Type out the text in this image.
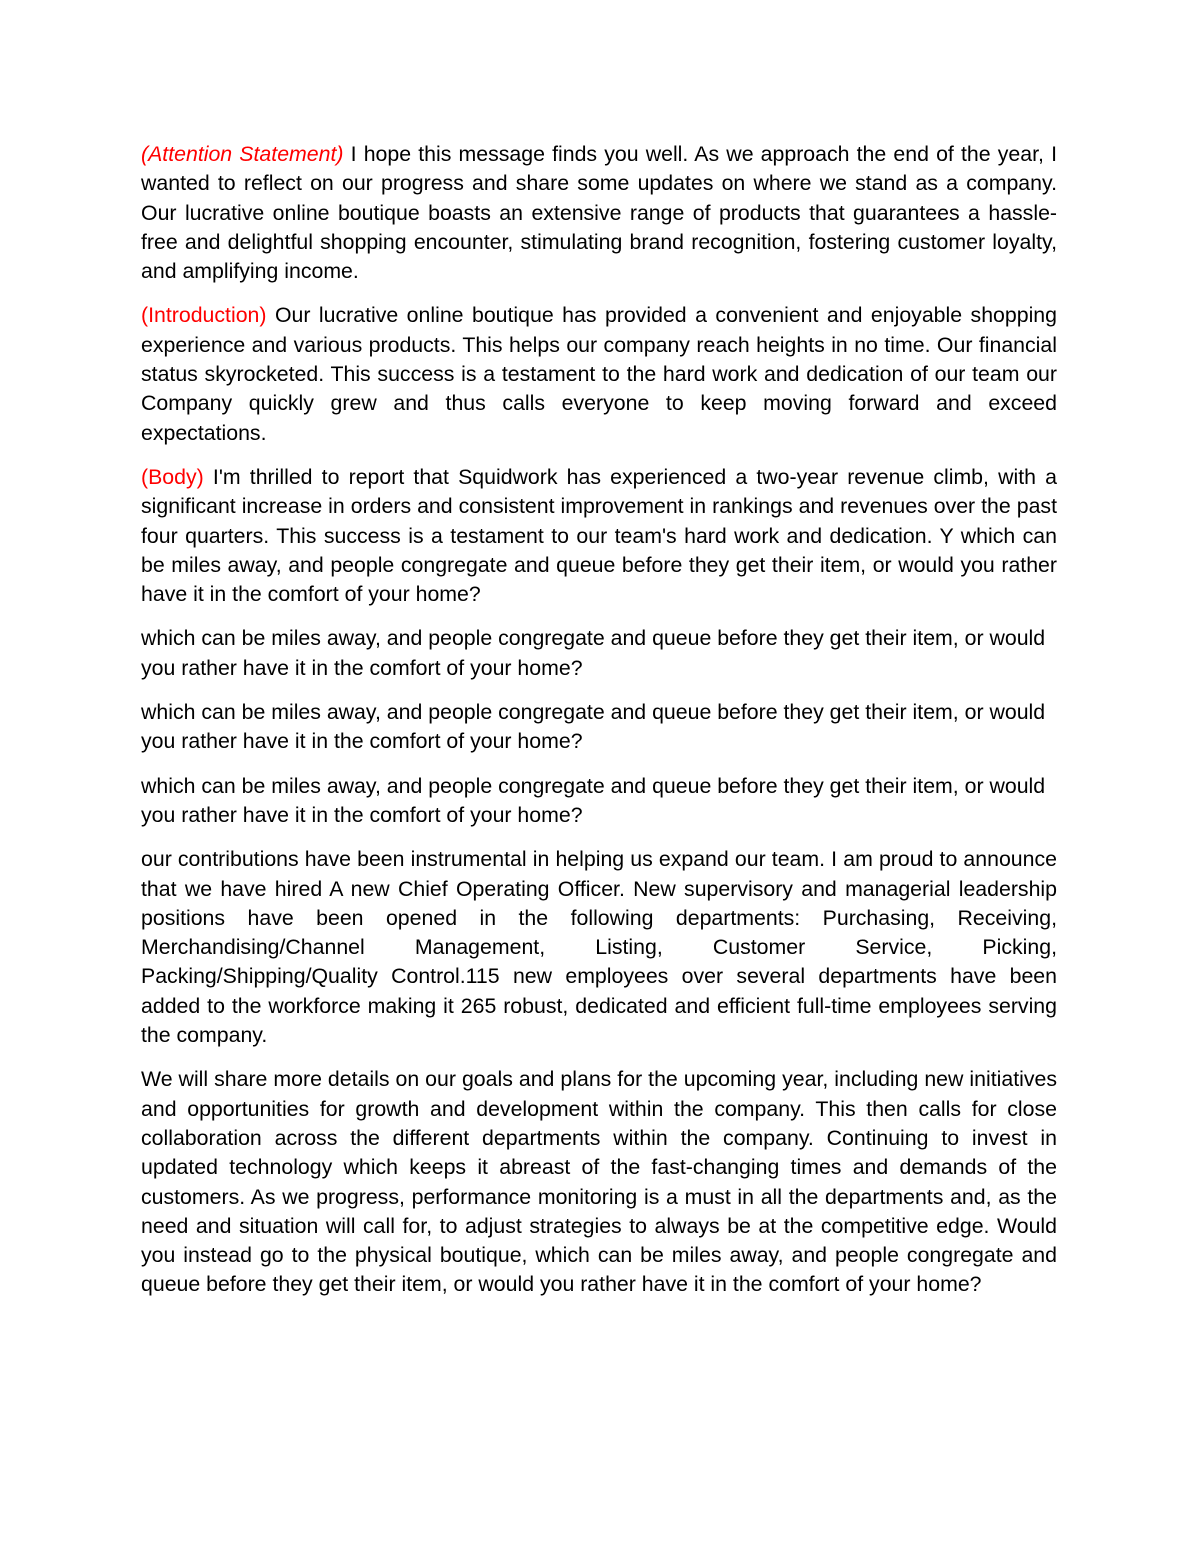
(Attention Statement) I hope this message finds you well. As we approach the end of the year, I wanted to reflect on our progress and share some updates on where we stand as a company. Our lucrative online boutique boasts an extensive range of products that guarantees a hassle-free and delightful shopping encounter, stimulating brand recognition, fostering customer loyalty, and amplifying income.

(Introduction) Our lucrative online boutique has provided a convenient and enjoyable shopping experience and various products. This helps our company reach heights in no time. Our financial status skyrocketed. This success is a testament to the hard work and dedication of our team our Company quickly grew and thus calls everyone to keep moving forward and exceed expectations.

(Body) I'm thrilled to report that Squidwork has experienced a two-year revenue climb, with a significant increase in orders and consistent improvement in rankings and revenues over the past four quarters. This success is a testament to our team's hard work and dedication. Y which can be miles away, and people congregate and queue before they get their item, or would you rather have it in the comfort of your home?

which can be miles away, and people congregate and queue before they get their item, or would you rather have it in the comfort of your home?

which can be miles away, and people congregate and queue before they get their item, or would you rather have it in the comfort of your home?

which can be miles away, and people congregate and queue before they get their item, or would you rather have it in the comfort of your home?

our contributions have been instrumental in helping us expand our team. I am proud to announce that we have hired A new Chief Operating Officer. New supervisory and managerial leadership positions have been opened in the following departments: Purchasing, Receiving, Merchandising/Channel Management, Listing, Customer Service, Picking, Packing/Shipping/Quality Control.115 new employees over several departments have been added to the workforce making it 265 robust, dedicated and efficient full-time employees serving the company.

We will share more details on our goals and plans for the upcoming year, including new initiatives and opportunities for growth and development within the company. This then calls for close collaboration across the different departments within the company. Continuing to invest in updated technology which keeps it abreast of the fast-changing times and demands of the customers. As we progress, performance monitoring is a must in all the departments and, as the need and situation will call for, to adjust strategies to always be at the competitive edge. Would you instead go to the physical boutique, which can be miles away, and people congregate and queue before they get their item, or would you rather have it in the comfort of your home?
